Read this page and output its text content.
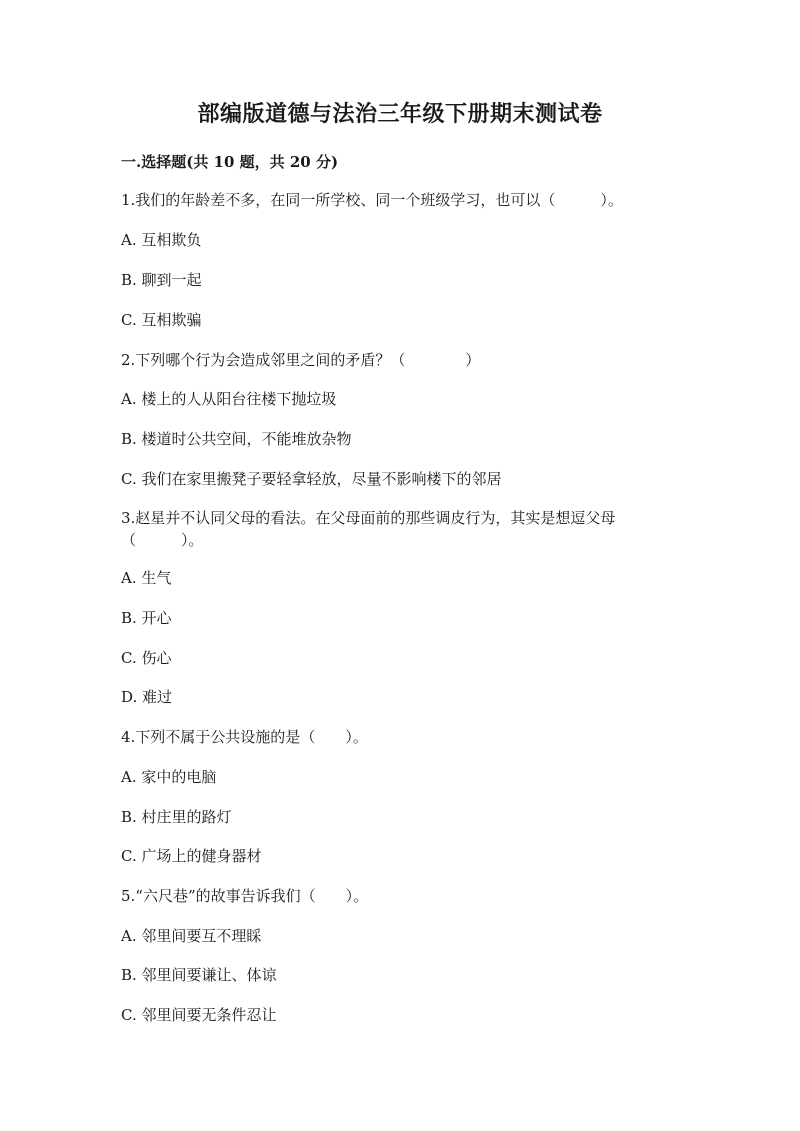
部编版道德与法治三年级下册期末测试卷
一.选择题(共 10 题，共 20 分)
1.我们的年龄差不多，在同一所学校、同一个班级学习，也可以（　　　）。
A. 互相欺负
B. 聊到一起
C. 互相欺骗
2.下列哪个行为会造成邻里之间的矛盾？（　　　　）
A. 楼上的人从阳台往楼下抛垃圾
B. 楼道时公共空间，不能堆放杂物
C. 我们在家里搬凳子要轻拿轻放，尽量不影响楼下的邻居
3.赵星并不认同父母的看法。在父母面前的那些调皮行为，其实是想逗父母
（　　　）。
A. 生气
B. 开心
C. 伤心
D. 难过
4.下列不属于公共设施的是（　　）。
A. 家中的电脑
B. 村庄里的路灯
C. 广场上的健身器材
5.“六尺巷”的故事告诉我们（　　）。
A. 邻里间要互不理睬
B. 邻里间要谦让、体谅
C. 邻里间要无条件忍让
